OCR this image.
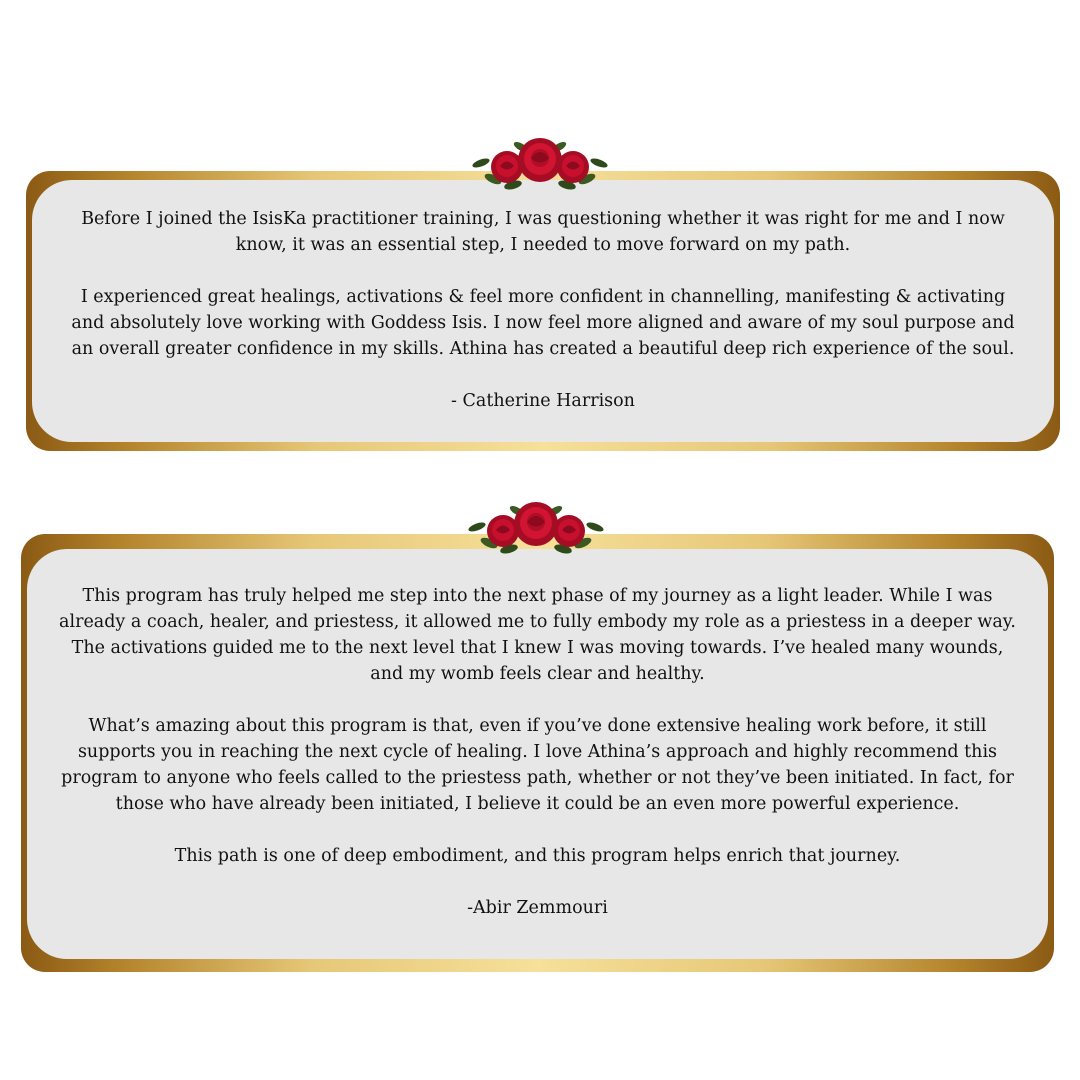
Before I joined the IsisKa practitioner training, I was questioning whether it was right for me and I now know, it was an essential step, I needed to move forward on my path.

I experienced great healings, activations & feel more confident in channelling, manifesting & activating and absolutely love working with Goddess Isis. I now feel more aligned and aware of my soul purpose and an overall greater confidence in my skills. Athina has created a beautiful deep rich experience of the soul.

- Catherine Harrison

This program has truly helped me step into the next phase of my journey as a light leader. While I was already a coach, healer, and priestess, it allowed me to fully embody my role as a priestess in a deeper way. The activations guided me to the next level that I knew I was moving towards. I’ve healed many wounds, and my womb feels clear and healthy.

What’s amazing about this program is that, even if you’ve done extensive healing work before, it still supports you in reaching the next cycle of healing. I love Athina’s approach and highly recommend this program to anyone who feels called to the priestess path, whether or not they’ve been initiated. In fact, for those who have already been initiated, I believe it could be an even more powerful experience.

This path is one of deep embodiment, and this program helps enrich that journey.

-Abir Zemmouri
